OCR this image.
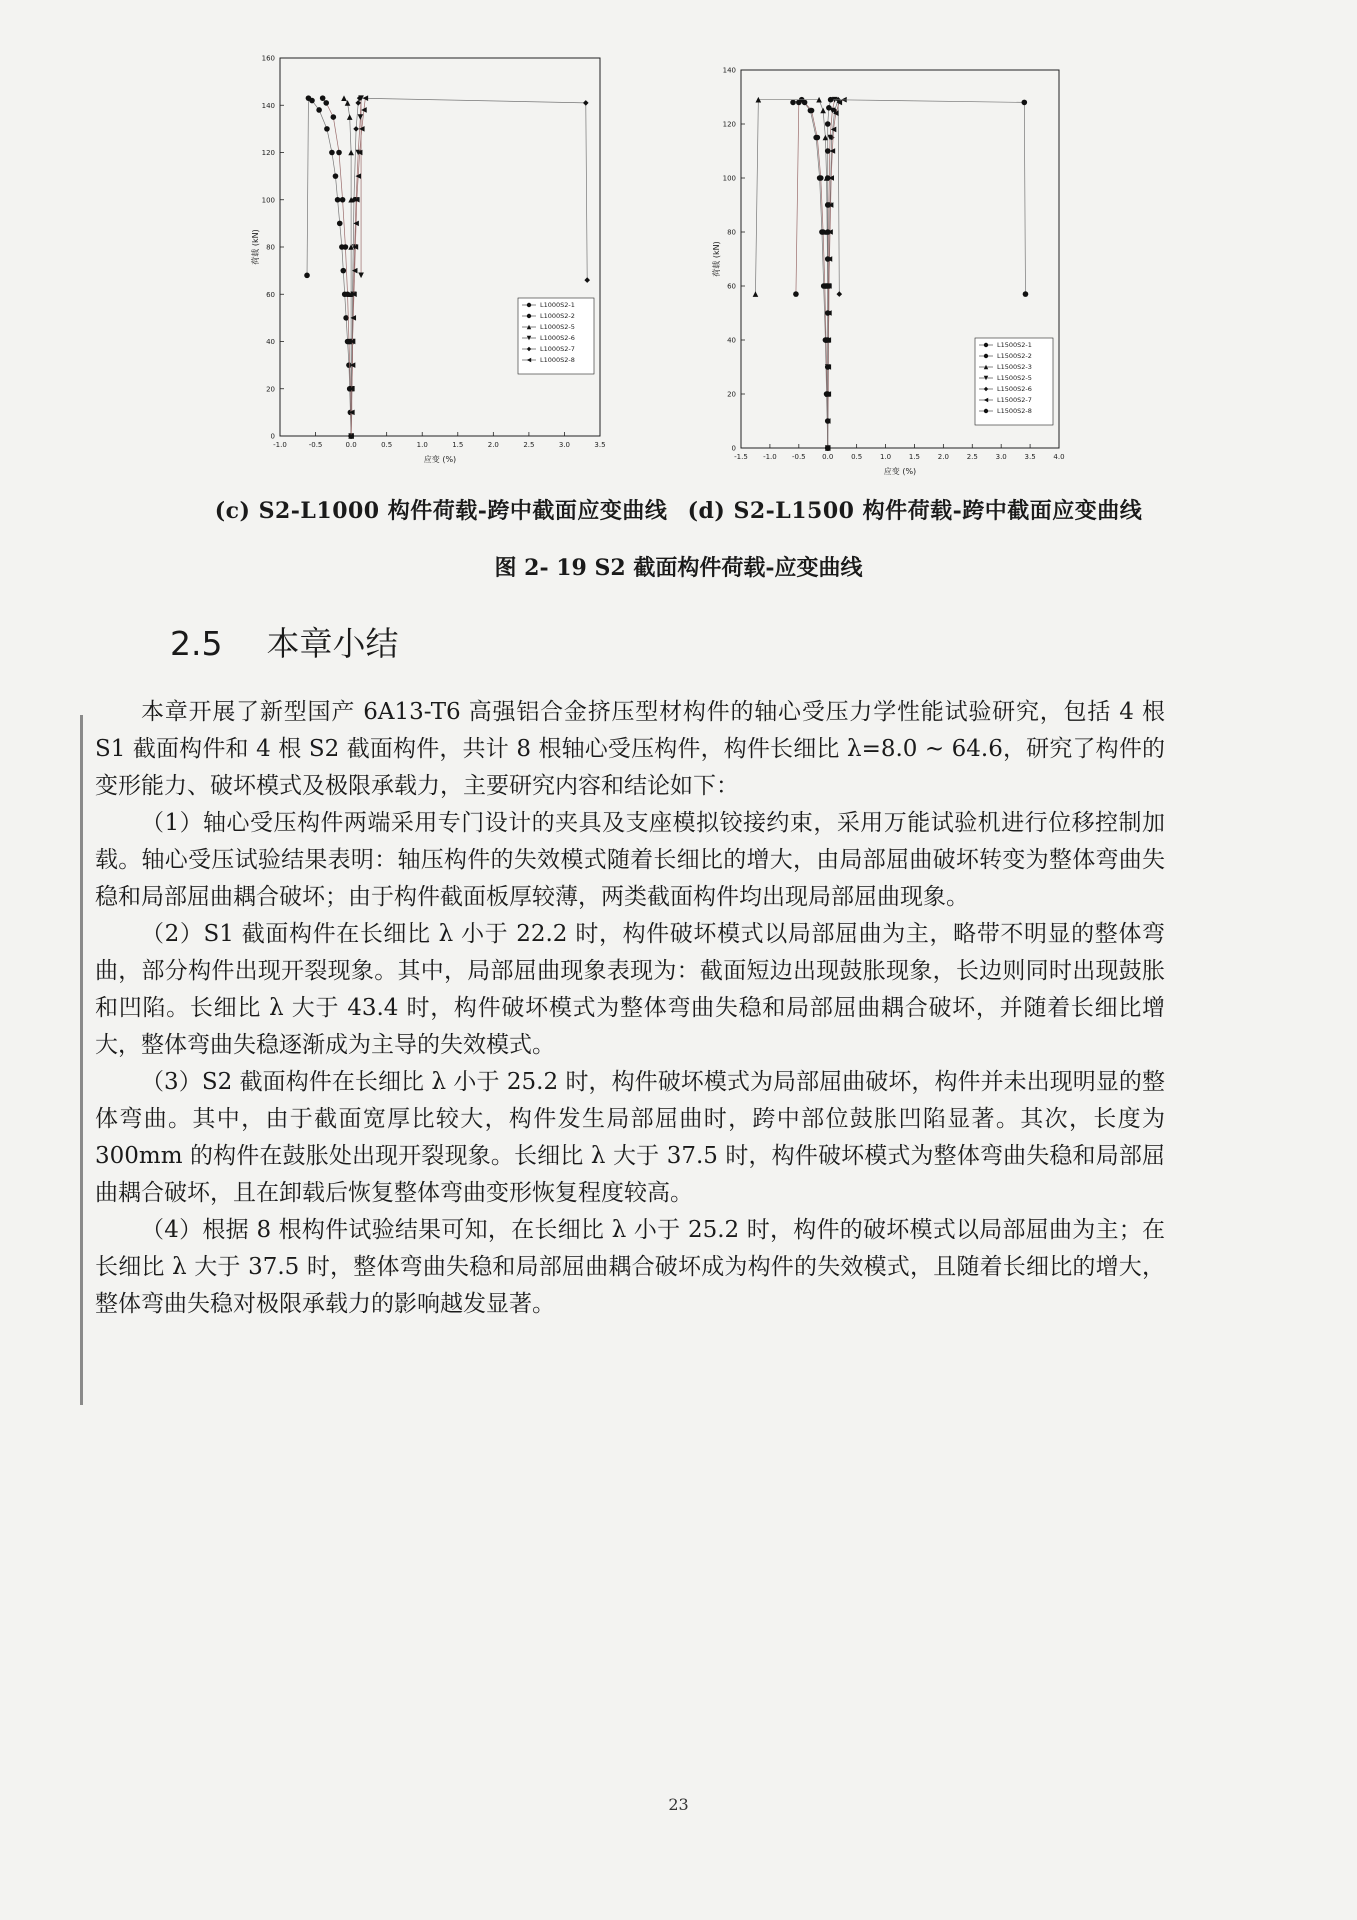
-1.0	-0.5	0.0	0.5	1.0	1.5	2.0	2.5	3.0	3.5
0
20
40
60
80
100
120
140
160
应变 (%)
荷载 (kN)
L1000S2-1
L1000S2-2
L1000S2-5
L1000S2-6
L1000S2-7
L1000S2-8
-1.5 -1.0 -0.5 0.0	0.5	1.0	1.5	2.0	2.5	3.0	3.5	4.0
0
20
40
60
80
100
120
140
应变 (%)
荷载 (kN)
L1500S2-1
L1500S2-2
L1500S2-3
L1500S2-5
L1500S2-6
L1500S2-7
L1500S2-8
(c) S2-L1000 构件荷载-跨中截面应变曲线 (d) S2-L1500 构件荷载-跨中截面应变曲线
图 2- 19 S2 截面构件荷载-应变曲线
2.5 本章小结

本章开展了新型国产 6A13-T6 高强铝合金挤压型材构件的轴心受压力学性能试验研究，包括 4 根 S1 截面构件和 4 根 S2 截面构件，共计 8 根轴心受压构件，构件长细比 λ=8.0 ~ 64.6，研究了构件的变形能力、破坏模式及极限承载力，主要研究内容和结论如下：

（1）轴心受压构件两端采用专门设计的夹具及支座模拟铰接约束，采用万能试验机进行位移控制加载。轴心受压试验结果表明：轴压构件的失效模式随着长细比的增大，由局部屈曲破坏转变为整体弯曲失稳和局部屈曲耦合破坏；由于构件截面板厚较薄，两类截面构件均出现局部屈曲现象。

（2）S1 截面构件在长细比 λ 小于 22.2 时，构件破坏模式以局部屈曲为主，略带不明显的整体弯曲，部分构件出现开裂现象。其中，局部屈曲现象表现为：截面短边出现鼓胀现象，长边则同时出现鼓胀和凹陷。长细比 λ 大于 43.4 时，构件破坏模式为整体弯曲失稳和局部屈曲耦合破坏，并随着长细比增大，整体弯曲失稳逐渐成为主导的失效模式。

（3）S2 截面构件在长细比 λ 小于 25.2 时，构件破坏模式为局部屈曲破坏，构件并未出现明显的整体弯曲。其中，由于截面宽厚比较大，构件发生局部屈曲时，跨中部位鼓胀凹陷显著。其次，长度为 300mm 的构件在鼓胀处出现开裂现象。长细比 λ 大于 37.5 时，构件破坏模式为整体弯曲失稳和局部屈曲耦合破坏，且在卸载后恢复整体弯曲变形恢复程度较高。

（4）根据 8 根构件试验结果可知，在长细比 λ 小于 25.2 时，构件的破坏模式以局部屈曲为主；在长细比 λ 大于 37.5 时，整体弯曲失稳和局部屈曲耦合破坏成为构件的失效模式，且随着长细比的增大，整体弯曲失稳对极限承载力的影响越发显著。

23
